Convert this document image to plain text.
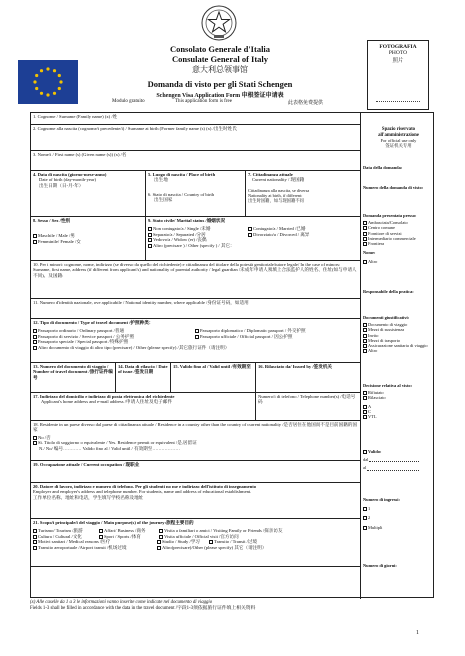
Consolato Generale d'Italia
Consulate General of Italy
意大利总领事馆
Domanda di visto per gli Stati Schengen
Schengen Visa Application Form 申根签证申请表
Modulo gratuito	This application form is free	此表格免费提供
FOTOGRAFIA
PHOTO
照片
1. Cognome / Surname (Family name) (x) /姓
2. Cognome alla nascita (cognome/i precedente/i) / Surname at birth (Former family name (s) (x) /出生时姓氏
3. Nome/i / First name (s) (Given name (s)) (x) /名
4. Data di nascita (giorno-mese-anno)
Date of birth (day-month-year)
出生日期（日-月-年）
5. Luogo di nascita / Place of birth
出生地
6. Stato di nascita / Country of birth
出生国家
7. Cittadinanza attuale
Current nationality / 现国籍
Cittadinanza alla nascita, se diversa
Nationality at birth, if different:
出生时国籍，如与现国籍不同
8. Sesso / Sex /性别
Maschile / Male /男
Femminile/ Female /女
9. Stato civile/ Marital status /婚姻状况
Non coniugato/a / Single /未婚	Coniugato/a / Married /已婚
Separato/a / Separated /分居	Divorziato/a / Divorced / 离异
Vedovo/a / Widow (er) /丧偶
Altro (precisare ) / Other (specify ) / 其它：
10. Per i minori: cognome, nome, indirizzo (se diverso da quello del richiedente) e cittadinanza del titolare della potestà genitoriale/tutore legale/ In the case of minors: Surname, first name, address (if different from applicant's) and nationality of parental authority / legal guardian /未成年申请人须填上合法监护人的姓名、住址(如与申请人不同)、及国籍:
11. Numero d'identità nazionale, ove applicabile / National identity number, where applicable /身份证号码，如适用
12. Tipo di documento / Type of travel document /护照种类：
Passaporto ordinario / Ordinary passport /普通	Passaporto diplomatico / Diplomatic passport / 外交护照
Passaporto di servizio / Service passport / 公务护照	Passaporto ufficiale / Official passport / 因公护照
Passaporto speciale / Special passport /特殊护照
Altro documento di viaggio di altro tipo (precisare) / Other (please specify) /其它旅行证件（请注明）
13. Numero del documento di viaggio / Number of travel document /旅行证件编号
14. Data di rilascio / Date of issue /签发日期
15. Valido fino al / Valid until /有效期至	16. Rilasciato da/ Issued by /签发机关
17. Indirizzo del domicilio e indirizzo di posta elettronica del richiedente
Applicant's home address and e-mail address /申请人住址及电子邮件
Numero/i di telefono / Telephone number(s) /电话号码
18. Residente in un paese diverso dal paese di cittadinanza attuale / Residence in a country other than the country of current nationality /是否居住在他国而不是目前国籍的国家
No /否
Sì. Titolo di soggiorno o equivalente / Yes. Residence permit or equivalent /是,居留证
N./ No/ 编号………… Valido fino al / Valid until / 有效期至………………
19. Occupazione attuale / Current occupation / 现职业
20. Datore di lavoro, indirizzo e numero di telefono. Per gli studenti no me e indirizzo dell'istituto di insegnamento
Employer and employer's address and telephone number. For students, name and address of educational establishment.
工作单位名称、地址和电话，学生填写学校名称及地址
21. Scopo/i principale/i del viaggio / Main purpose(s) of the journey:旅程主要目的
Turismo/ Tourism /旅游	Affari/ Business /商务	Visita a familiari o amici / Visiting Family or Friends /探亲访友
Cultura / Cultural /文化	Sport / Sports /体育	Visita ufficiale / Official visit /官方访问
Motivi sanitari / Medical reasons /医疗	Studio / Study /学习	Transito / Transit /过境
Transito aeroportuale /Airport transit /机场过境	Altro(precisare)/Other (please specify) 其它（请注明）
Spazio riservato all'amministrazione
For official use only
签证机关专用
Data della domanda:
Numero della domanda di visto:
Domanda presentata presso:
Ambasciata/Consolato
Centro comune
Fornitore di servizi
Intermediario commerciale
Frontiera
Nome:
Altro
Responsabile della pratica:
Documenti giustificativi:
Documento di viaggio
Mezzi di sussistenza
Invito
Mezzi di trasporto
Assicurazione sanitaria di viaggio
Altro
Decisione relativa al visto:
Rifiutato
Rilasciato
A
C
VTL
Valido:
dal
al
Numero di ingressi:
1
2
Multipli
Numero di giorni:
(x) Alle caselle da 1 a 3 le informazioni vanno inserite come indicate nel documento di viaggio
Fields 1-3 shall be filled in accordance with the data in the travel document /字段1-3须依据旅行证件填上相关资料
1
